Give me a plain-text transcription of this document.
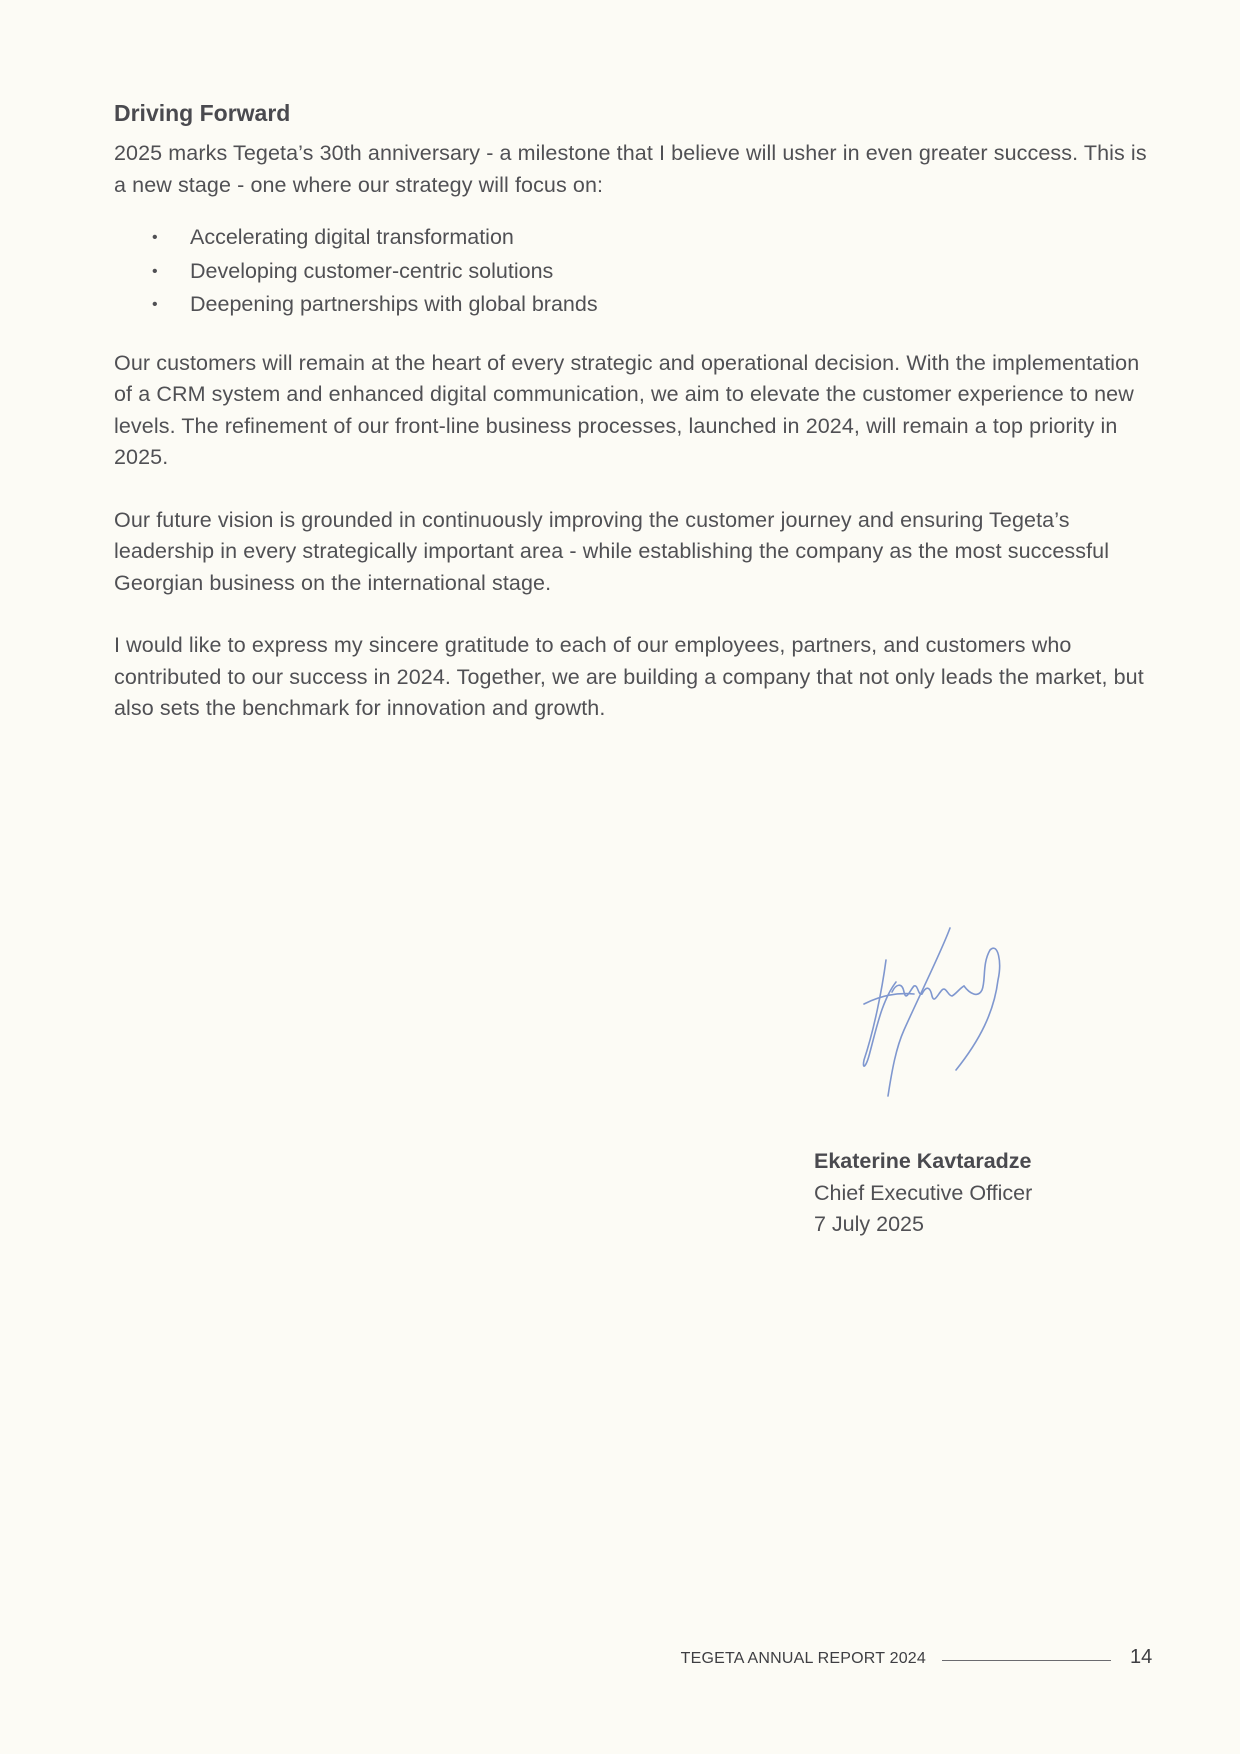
Driving Forward

2025 marks Tegeta’s 30th anniversary - a milestone that I believe will usher in even greater success. This is a new stage - one where our strategy will focus on:

• Accelerating digital transformation
• Developing customer-centric solutions
• Deepening partnerships with global brands

Our customers will remain at the heart of every strategic and operational decision. With the implementation of a CRM system and enhanced digital communication, we aim to elevate the customer experience to new levels. The refinement of our front-line business processes, launched in 2024, will remain a top priority in 2025.

Our future vision is grounded in continuously improving the customer journey and ensuring Tegeta’s leadership in every strategically important area - while establishing the company as the most successful Georgian business on the international stage.

I would like to express my sincere gratitude to each of our employees, partners, and customers who contributed to our success in 2024. Together, we are building a company that not only leads the market, but also sets the benchmark for innovation and growth.

Ekaterine Kavtaradze
Chief Executive Officer
7 July 2025
TEGETA ANNUAL REPORT 2024	14
